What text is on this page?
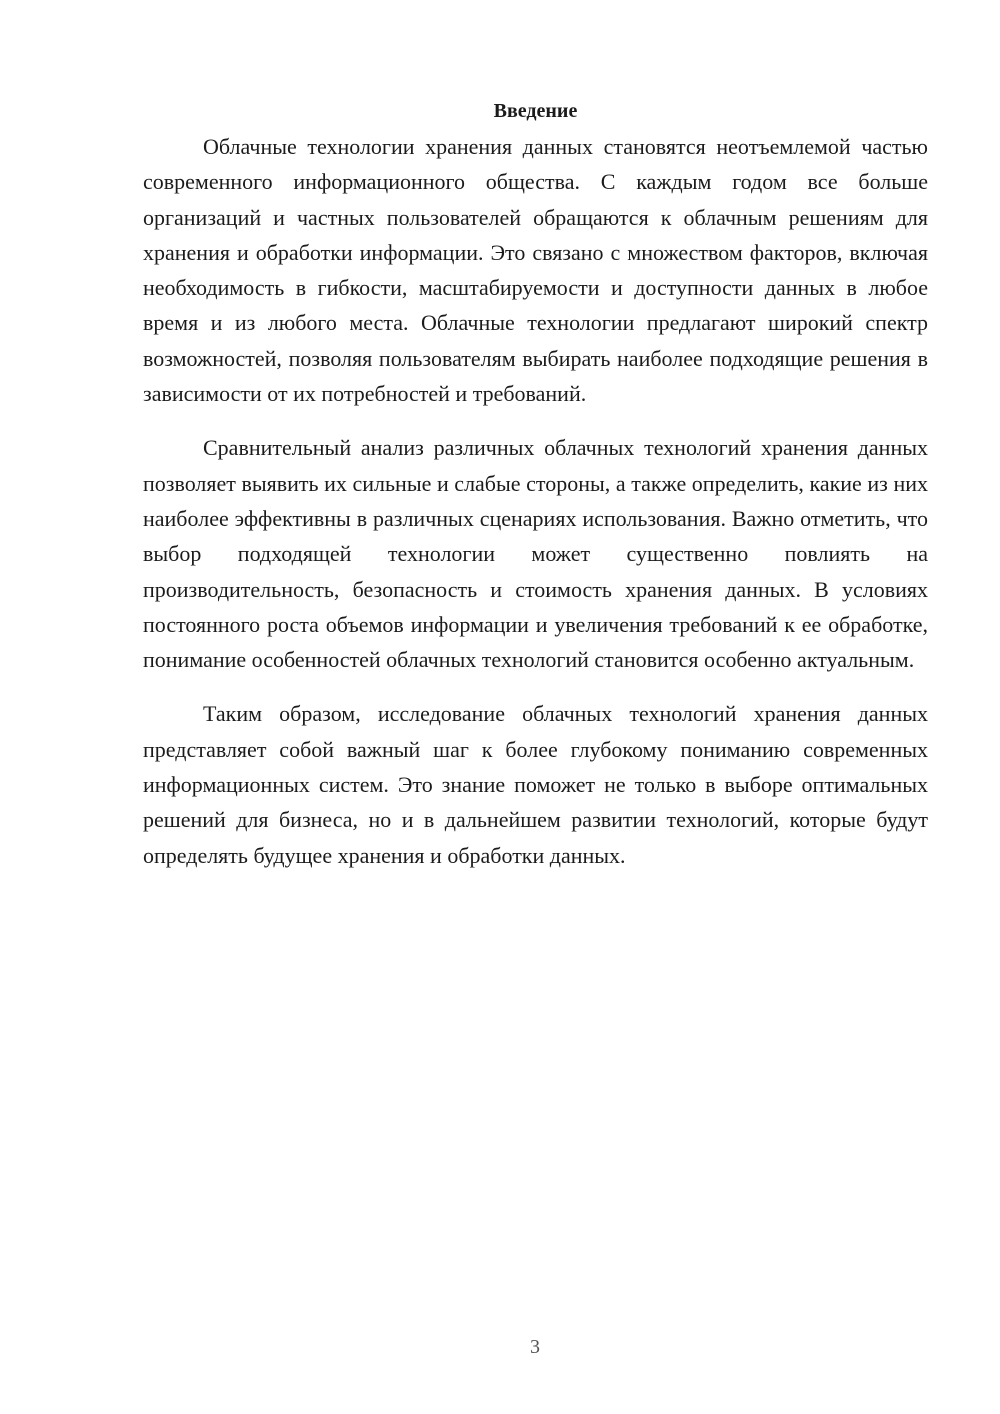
Введение

Облачные технологии хранения данных становятся неотъемлемой частью современного информационного общества. С каждым годом все больше организаций и частных пользователей обращаются к облачным решениям для хранения и обработки информации. Это связано с множеством факторов, включая необходимость в гибкости, масштабируемости и доступности данных в любое время и из любого места. Облачные технологии предлагают широкий спектр возможностей, позволяя пользователям выбирать наиболее подходящие решения в зависимости от их потребностей и требований.

Сравнительный анализ различных облачных технологий хранения данных позволяет выявить их сильные и слабые стороны, а также определить, какие из них наиболее эффективны в различных сценариях использования. Важно отметить, что выбор подходящей технологии может существенно повлиять на производительность, безопасность и стоимость хранения данных. В условиях постоянного роста объемов информации и увеличения требований к ее обработке, понимание особенностей облачных технологий становится особенно актуальным.

Таким образом, исследование облачных технологий хранения данных представляет собой важный шаг к более глубокому пониманию современных информационных систем. Это знание поможет не только в выборе оптимальных решений для бизнеса, но и в дальнейшем развитии технологий, которые будут определять будущее хранения и обработки данных.

3
